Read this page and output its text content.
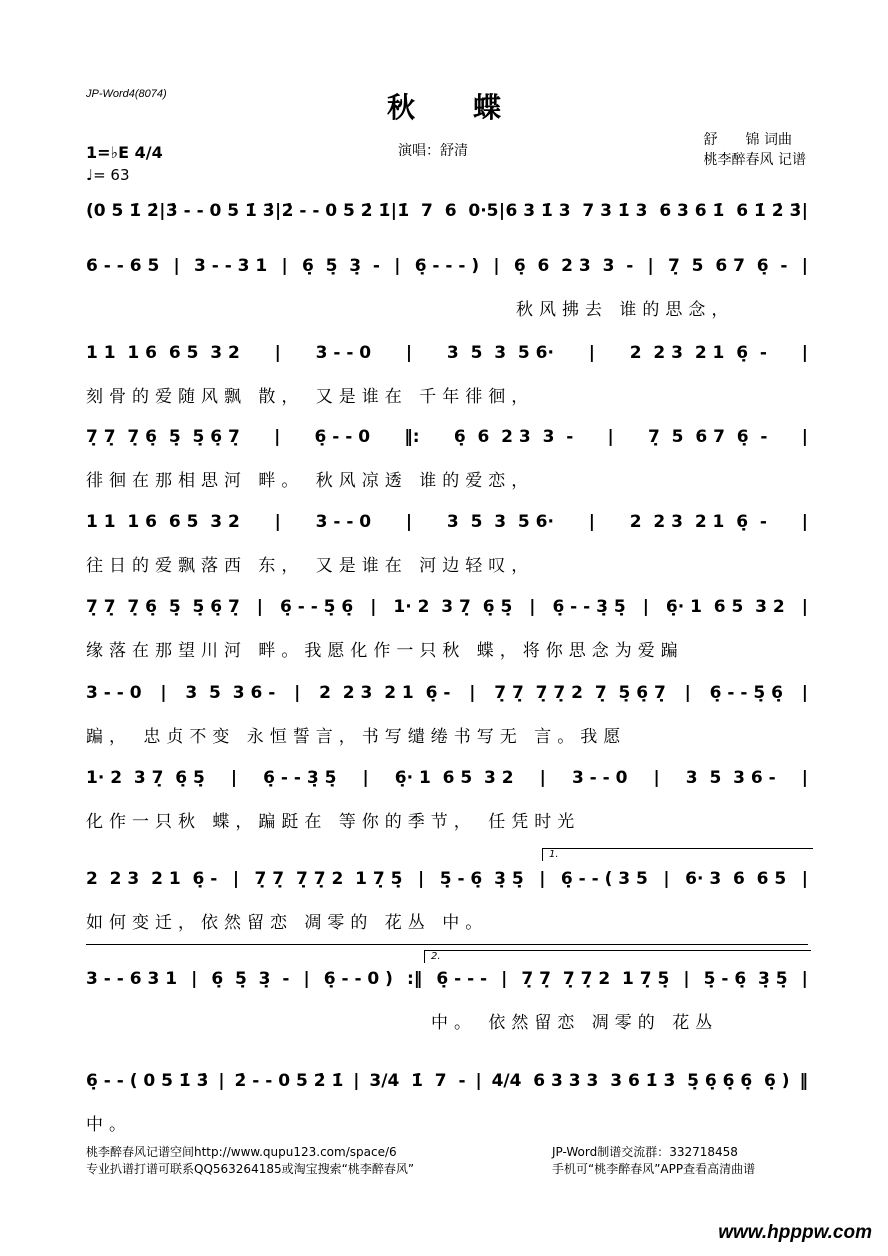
JP-Word4(8074)	秋蝶
舒　　锦 词曲
桃李醉春风 记谱
演唱：舒清
1=♭E 4/4
♩= 63
(0 5 1̇ 2̇ | 3̇ - - 0 5 1̇ 3̇ | 2̇ - - 0 5 2̇ 1̇ | 1̇  7  6  0·5 | 6 3 1̇ 3  7 3 1̇ 3  6 3 6 1̇  6 1̇ 2̇ 3̇ |
6 - - 6 5 | 3 - - 3 1 | 6̣  5̣  3̣  - | 6̣ - - - ) | 6̣  6  2 3  3  - | 7̣  5  6 7  6̣  - |
秋风拂去 谁的思念，
1 1  1 6  6 5  3 2 | 3 - - 0 | 3  5  3  5 6· | 2  2 3  2 1  6̣  - |
刻骨的爱随风飘 散， 又是谁在 千年徘徊，
7̣ 7̣  7̣ 6̣  5̣  5̣ 6̣ 7̣ | 6̣ - - 0 ‖: 6̣  6  2 3  3  - | 7̣  5  6 7  6̣  - |
徘徊在那相思河 畔。 秋风凉透 谁的爱恋，
1 1  1 6  6 5  3 2 | 3 - - 0 | 3  5  3  5 6· | 2  2 3  2 1  6̣  - |
往日的爱飘落西 东， 又是谁在 河边轻叹，
7̣ 7̣  7̣ 6̣  5̣  5̣ 6̣ 7̣ | 6̣ - - 5̣ 6̣ | 1· 2  3 7̣  6̣ 5̣ | 6̣ - - 3̣ 5̣ | 6̣· 1  6 5  3 2 |
缘落在那望川河 畔。我愿化作一只秋 蝶，将你思念为爱蹁
3 - - 0 | 3  5  3 6 - | 2  2 3  2 1  6̣ - | 7̣ 7̣  7̣ 7̣ 2  7̣  5̣ 6̣ 7̣ | 6̣ - - 5̣ 6̣ |
蹁， 忠贞不变 永恒誓言，书写缱绻书写无 言。我愿
1· 2  3 7̣  6̣ 5̣ | 6̣ - - 3̣ 5̣ | 6̣· 1  6 5  3 2 | 3 - - 0 | 3  5  3 6 - |
化作一只秋 蝶，蹁跹在 等你的季节， 任凭时光
2  2 3  2 1  6̣ - | 7̣ 7̣  7̣ 7̣ 2  1 7̣ 5̣ | 5̣ - 6̣  3̣ 5̣ | 6̣ - - ( 3 5 | 6· 3  6  6 5 |
如何变迁，依然留恋 凋零的 花丛 中。
3 - - 6 3 1 | 6̣  5̣  3̣  - | 6̣ - - 0 ) :‖ 6̣ - - - | 7̣ 7̣  7̣ 7̣ 2  1 7̣ 5̣ | 5̣ - 6̣  3̣ 5̣ |
中。 依然留恋 凋零的 花丛
6̣ - - ( 0 5 1̇ 3̇ | 2̇ - - 0 5 2̇ 1̇ | 3/4  1̇  7  - | 4/4  6 3 3 3  3 6 1̇ 3̇  5̣ 6̣ 6̣ 6̣  6̣ ) ‖
中。
1.
2.
桃李醉春风记谱空间http://www.qupu123.com/space/6
专业扒谱打谱可联系QQ563264185或淘宝搜索“桃李醉春风”
JP-Word制谱交流群：332718458
手机可“桃李醉春风”APP查看高清曲谱
www.hpppw.com
